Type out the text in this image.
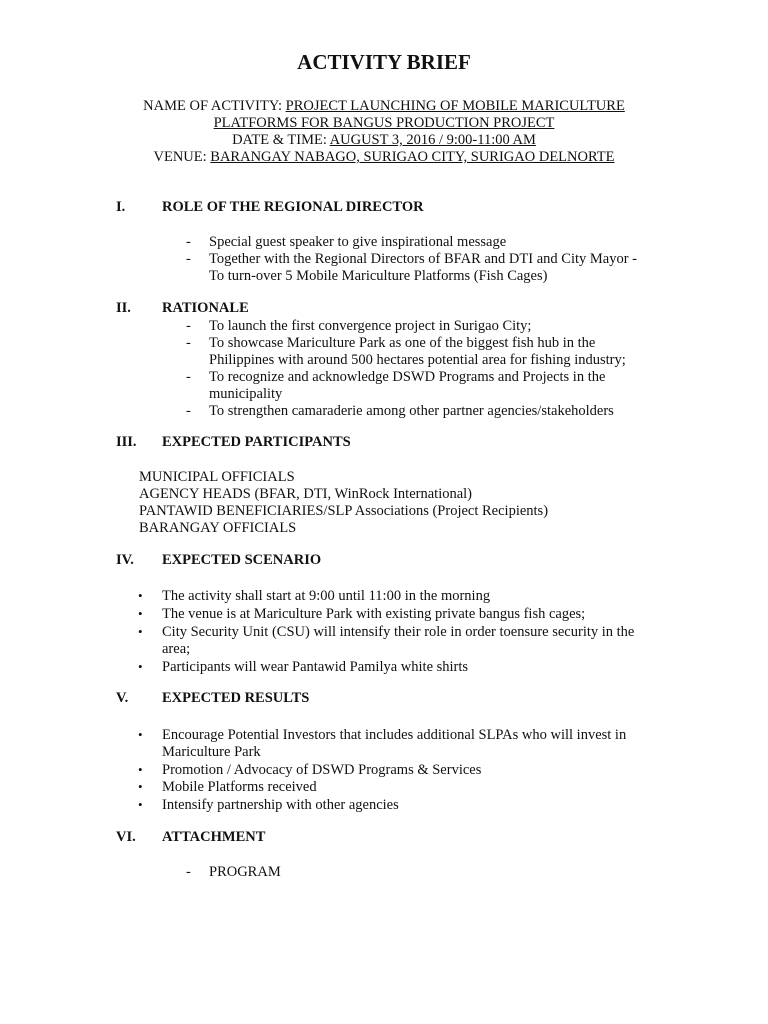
ACTIVITY BRIEF
NAME OF ACTIVITY: PROJECT LAUNCHING OF MOBILE MARICULTURE
PLATFORMS FOR BANGUS PRODUCTION PROJECT
DATE & TIME: AUGUST 3, 2016 / 9:00-11:00 AM
VENUE: BARANGAY NABAGO, SURIGAO CITY, SURIGAO DELNORTE
I.	ROLE OF THE REGIONAL DIRECTOR
- Special guest speaker to give inspirational message
- Together with the Regional Directors of BFAR and DTI and City Mayor -
To turn-over 5 Mobile Mariculture Platforms (Fish Cages)
II. RATIONALE
- To launch the first convergence project in Surigao City;
- To showcase Mariculture Park as one of the biggest fish hub in the
Philippines with around 500 hectares potential area for fishing industry;
- To recognize and acknowledge DSWD Programs and Projects in the
municipality
- To strengthen camaraderie among other partner agencies/stakeholders
III. EXPECTED PARTICIPANTS
MUNICIPAL OFFICIALS
AGENCY HEADS (BFAR, DTI, WinRock International)
PANTAWID BENEFICIARIES/SLP Associations (Project Recipients)
BARANGAY OFFICIALS
IV. EXPECTED SCENARIO
• The activity shall start at 9:00 until 11:00 in the morning
• The venue is at Mariculture Park with existing private bangus fish cages;
• City Security Unit (CSU) will intensify their role in order toensure security in the
area;
• Participants will wear Pantawid Pamilya white shirts
V. EXPECTED RESULTS
• Encourage Potential Investors that includes additional SLPAs who will invest in
Mariculture Park
• Promotion / Advocacy of DSWD Programs & Services
• Mobile Platforms received
• Intensify partnership with other agencies
VI. ATTACHMENT
- PROGRAM
